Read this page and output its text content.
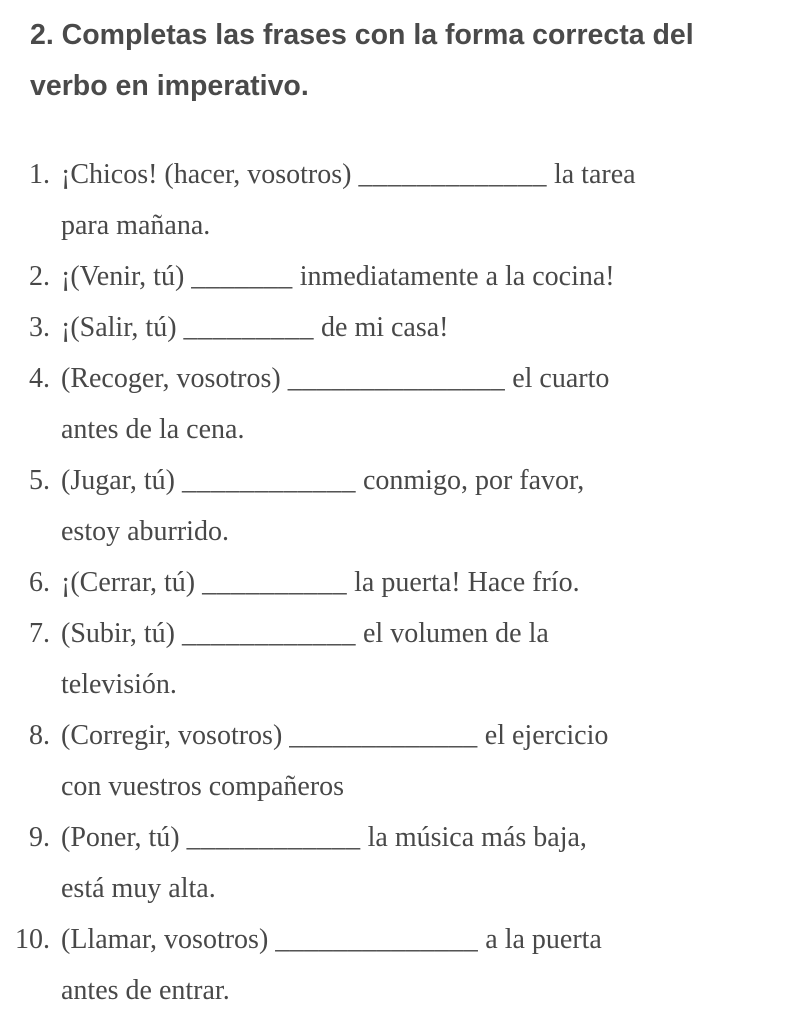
2. Completas las frases con la forma correcta del verbo en imperativo.
1. ¡Chicos! (hacer, vosotros) _____________ la tarea
para mañana.
2. ¡(Venir, tú) _______ inmediatamente a la cocina!
3. ¡(Salir, tú) _________ de mi casa!
4. (Recoger, vosotros) _______________ el cuarto
antes de la cena.
5. (Jugar, tú) ____________ conmigo, por favor,
estoy aburrido.
6. ¡(Cerrar, tú) __________ la puerta! Hace frío.
7. (Subir, tú) ____________ el volumen de la
televisión.
8. (Corregir, vosotros) _____________ el ejercicio
con vuestros compañeros
9. (Poner, tú) ____________ la música más baja,
está muy alta.
10. (Llamar, vosotros) ______________ a la puerta
antes de entrar.
